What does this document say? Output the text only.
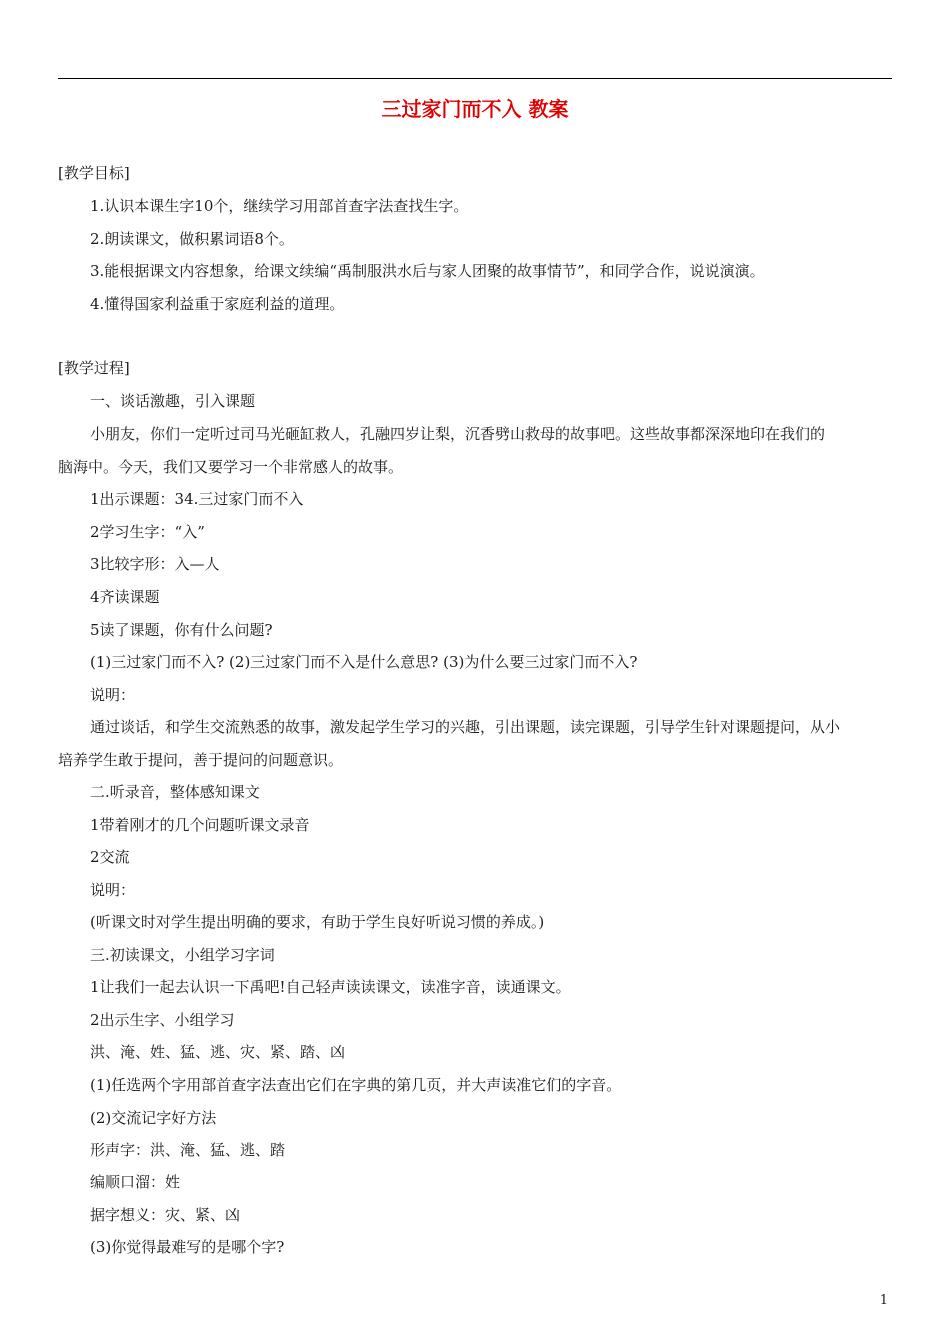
三过家门而不入 教案
[教学目标]
1.认识本课生字10个，继续学习用部首查字法查找生字。
2.朗读课文，做积累词语8个。
3.能根据课文内容想象，给课文续编“禹制服洪水后与家人团聚的故事情节”，和同学合作，说说演演。
4.懂得国家利益重于家庭利益的道理。
[教学过程]
一、谈话激趣，引入课题
小朋友，你们一定听过司马光砸缸救人，孔融四岁让梨，沉香劈山救母的故事吧。这些故事都深深地印在我们的
脑海中。今天，我们又要学习一个非常感人的故事。
1出示课题：34.三过家门而不入
2学习生字：“入”
3比较字形：入—人
4齐读课题
5读了课题，你有什么问题?
(1)三过家门而不入? (2)三过家门而不入是什么意思? (3)为什么要三过家门而不入?
说明：
通过谈话，和学生交流熟悉的故事，激发起学生学习的兴趣，引出课题，读完课题，引导学生针对课题提问，从小
培养学生敢于提问，善于提问的问题意识。
二.听录音，整体感知课文
1带着刚才的几个问题听课文录音
2交流
说明：
(听课文时对学生提出明确的要求，有助于学生良好听说习惯的养成。)
三.初读课文，小组学习字词
1让我们一起去认识一下禹吧!自己轻声读读课文，读准字音，读通课文。
2出示生字、小组学习
洪、淹、姓、猛、逃、灾、紧、踏、凶
(1)任选两个字用部首查字法查出它们在字典的第几页，并大声读准它们的字音。
(2)交流记字好方法
形声字：洪、淹、猛、逃、踏
编顺口溜：姓
据字想义：灾、紧、凶
(3)你觉得最难写的是哪个字?
1
